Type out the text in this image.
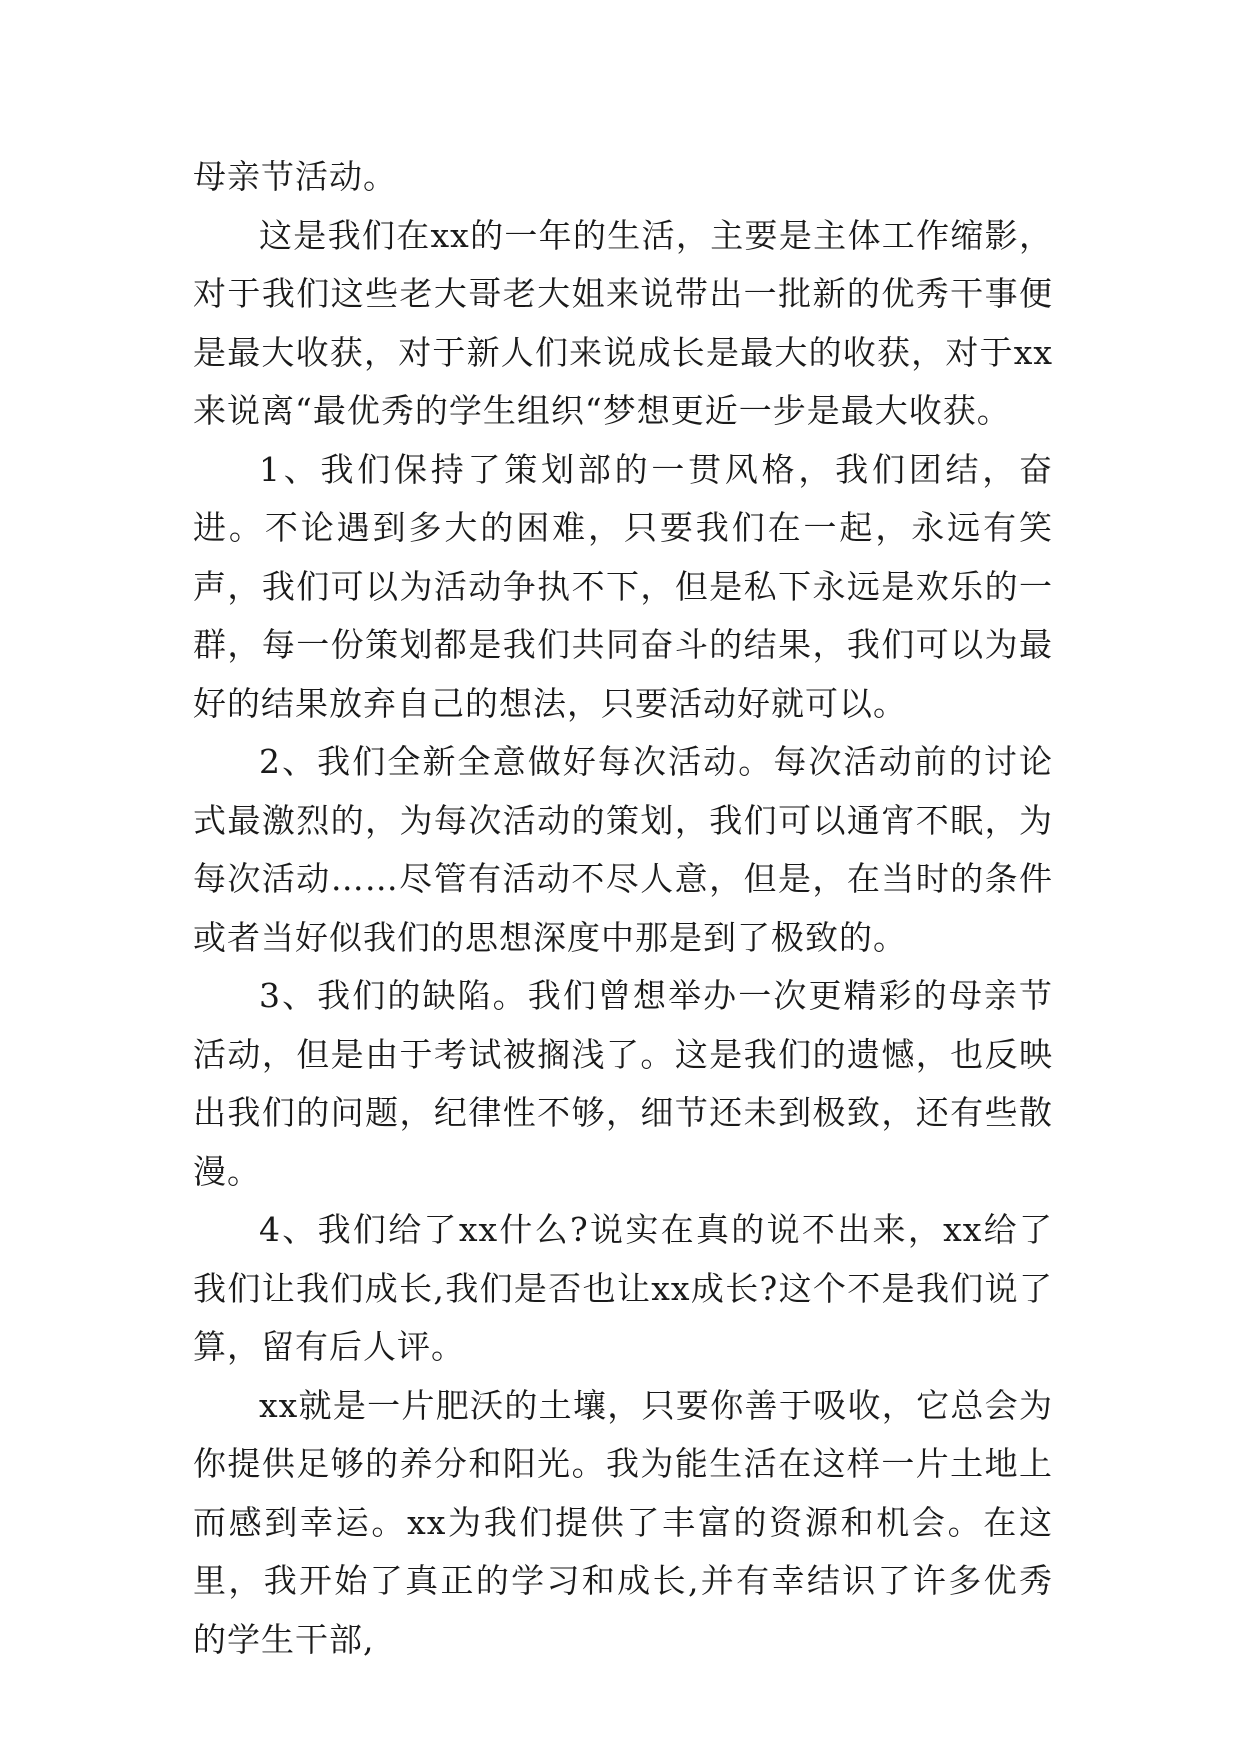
母亲节活动。

这是我们在xx的一年的生活，主要是主体工作缩影，对于我们这些老大哥老大姐来说带出一批新的优秀干事便是最大收获，对于新人们来说成长是最大的收获，对于xx来说离“最优秀的学生组织“梦想更近一步是最大收获。

1、我们保持了策划部的一贯风格，我们团结，奋进。不论遇到多大的困难，只要我们在一起，永远有笑声，我们可以为活动争执不下，但是私下永远是欢乐的一群，每一份策划都是我们共同奋斗的结果，我们可以为最好的结果放弃自己的想法，只要活动好就可以。

2、我们全新全意做好每次活动。每次活动前的讨论式最激烈的，为每次活动的策划，我们可以通宵不眠，为每次活动……尽管有活动不尽人意，但是，在当时的条件或者当好似我们的思想深度中那是到了极致的。

3、我们的缺陷。我们曾想举办一次更精彩的母亲节活动，但是由于考试被搁浅了。这是我们的遗憾，也反映出我们的问题，纪律性不够，细节还未到极致，还有些散漫。

4、我们给了xx什么?说实在真的说不出来，xx给了我们让我们成长,我们是否也让xx成长?这个不是我们说了算，留有后人评。

xx就是一片肥沃的土壤，只要你善于吸收，它总会为你提供足够的养分和阳光。我为能生活在这样一片土地上而感到幸运。xx为我们提供了丰富的资源和机会。在这里，我开始了真正的学习和成长,并有幸结识了许多优秀的学生干部,
